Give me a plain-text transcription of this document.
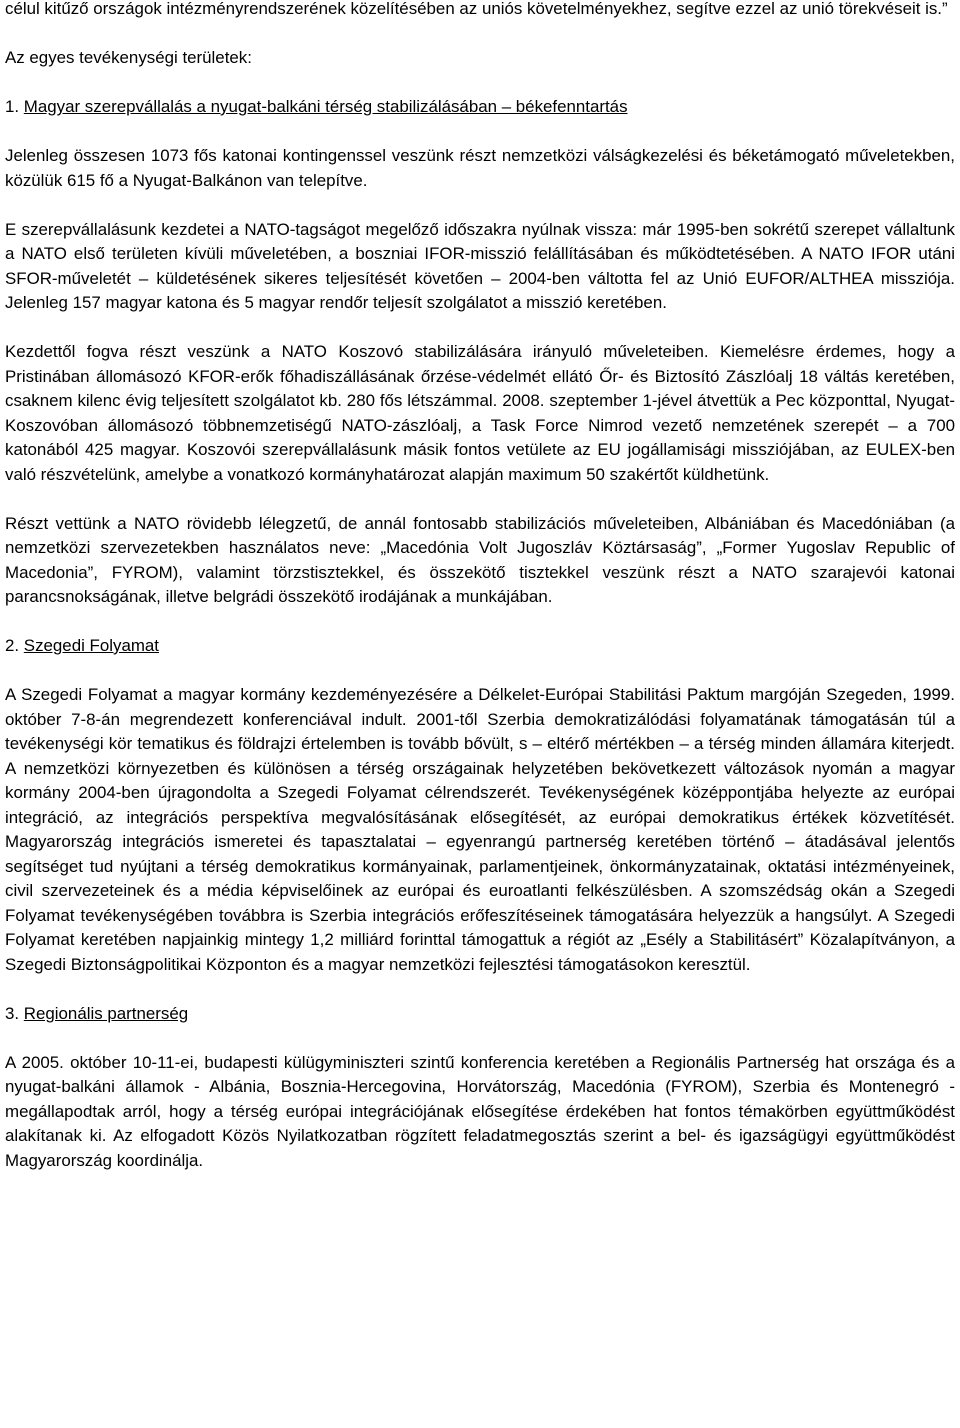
célul kitűző országok intézményrendszerének közelítésében az uniós követelményekhez, segítve ezzel az unió törekvéseit is.”

Az egyes tevékenységi területek:

1. Magyar szerepvállalás a nyugat-balkáni térség stabilizálásában – békefenntartás

Jelenleg összesen 1073 fős katonai kontingenssel veszünk részt nemzetközi válságkezelési és béketámogató műveletekben, közülük 615 fő a Nyugat-Balkánon van telepítve.

E szerepvállalásunk kezdetei a NATO-tagságot megelőző időszakra nyúlnak vissza: már 1995-ben sokrétű szerepet vállaltunk a NATO első területen kívüli műveletében, a boszniai IFOR-misszió felállításában és működtetésében. A NATO IFOR utáni SFOR-műveletét – küldetésének sikeres teljesítését követően – 2004-ben váltotta fel az Unió EUFOR/ALTHEA missziója. Jelenleg 157 magyar katona és 5 magyar rendőr teljesít szolgálatot a misszió keretében.

Kezdettől fogva részt veszünk a NATO Koszovó stabilizálására irányuló műveleteiben. Kiemelésre érdemes, hogy a Pristinában állomásozó KFOR-erők főhadiszállásának őrzése-védelmét ellátó Őr- és Biztosító Zászlóalj 18 váltás keretében, csaknem kilenc évig teljesített szolgálatot kb. 280 fős létszámmal. 2008. szeptember 1-jével átvettük a Pec központtal, Nyugat-Koszovóban állomásozó többnemzetiségű NATO-zászlóalj, a Task Force Nimrod vezető nemzetének szerepét – a 700 katonából 425 magyar. Koszovói szerepvállalásunk másik fontos vetülete az EU jogállamisági missziójában, az EULEX-ben való részvételünk, amelybe a vonatkozó kormányhatározat alapján maximum 50 szakértőt küldhetünk.

Részt vettünk a NATO rövidebb lélegzetű, de annál fontosabb stabilizációs műveleteiben, Albániában és Macedóniában (a nemzetközi szervezetekben használatos neve: „Macedónia Volt Jugoszláv Köztársaság”, „Former Yugoslav Republic of Macedonia”, FYROM), valamint törzstisztekkel, és összekötő tisztekkel veszünk részt a NATO szarajevói katonai parancsnokságának, illetve belgrádi összekötő irodájának a munkájában.

2. Szegedi Folyamat

A Szegedi Folyamat a magyar kormány kezdeményezésére a Délkelet-Európai Stabilitási Paktum margóján Szegeden, 1999. október 7-8-án megrendezett konferenciával indult. 2001-től Szerbia demokratizálódási folyamatának támogatásán túl a tevékenységi kör tematikus és földrajzi értelemben is tovább bővült, s – eltérő mértékben – a térség minden államára kiterjedt. A nemzetközi környezetben és különösen a térség országainak helyzetében bekövetkezett változások nyomán a magyar kormány 2004-ben újragondolta a Szegedi Folyamat célrendszerét. Tevékenységének középpontjába helyezte az európai integráció, az integrációs perspektíva megvalósításának elősegítését, az európai demokratikus értékek közvetítését. Magyarország integrációs ismeretei és tapasztalatai – egyenrangú partnerség keretében történő – átadásával jelentős segítséget tud nyújtani a térség demokratikus kormányainak, parlamentjeinek, önkormányzatainak, oktatási intézményeinek, civil szervezeteinek és a média képviselőinek az európai és euroatlanti felkészülésben. A szomszédság okán a Szegedi Folyamat tevékenységében továbbra is Szerbia integrációs erőfeszítéseinek támogatására helyezzük a hangsúlyt. A Szegedi Folyamat keretében napjainkig mintegy 1,2 milliárd forinttal támogattuk a régiót az „Esély a Stabilitásért” Közalapítványon, a Szegedi Biztonságpolitikai Központon és a magyar nemzetközi fejlesztési támogatásokon keresztül.

3. Regionális partnerség

A 2005. október 10-11-ei, budapesti külügyminiszteri szintű konferencia keretében a Regionális Partnerség hat országa és a nyugat-balkáni államok - Albánia, Bosznia-Hercegovina, Horvátország, Macedónia (FYROM), Szerbia és Montenegró - megállapodtak arról, hogy a térség európai integrációjának elősegítése érdekében hat fontos témakörben együttműködést alakítanak ki. Az elfogadott Közös Nyilatkozatban rögzített feladatmegosztás szerint a bel- és igazságügyi együttműködést Magyarország koordinálja.
